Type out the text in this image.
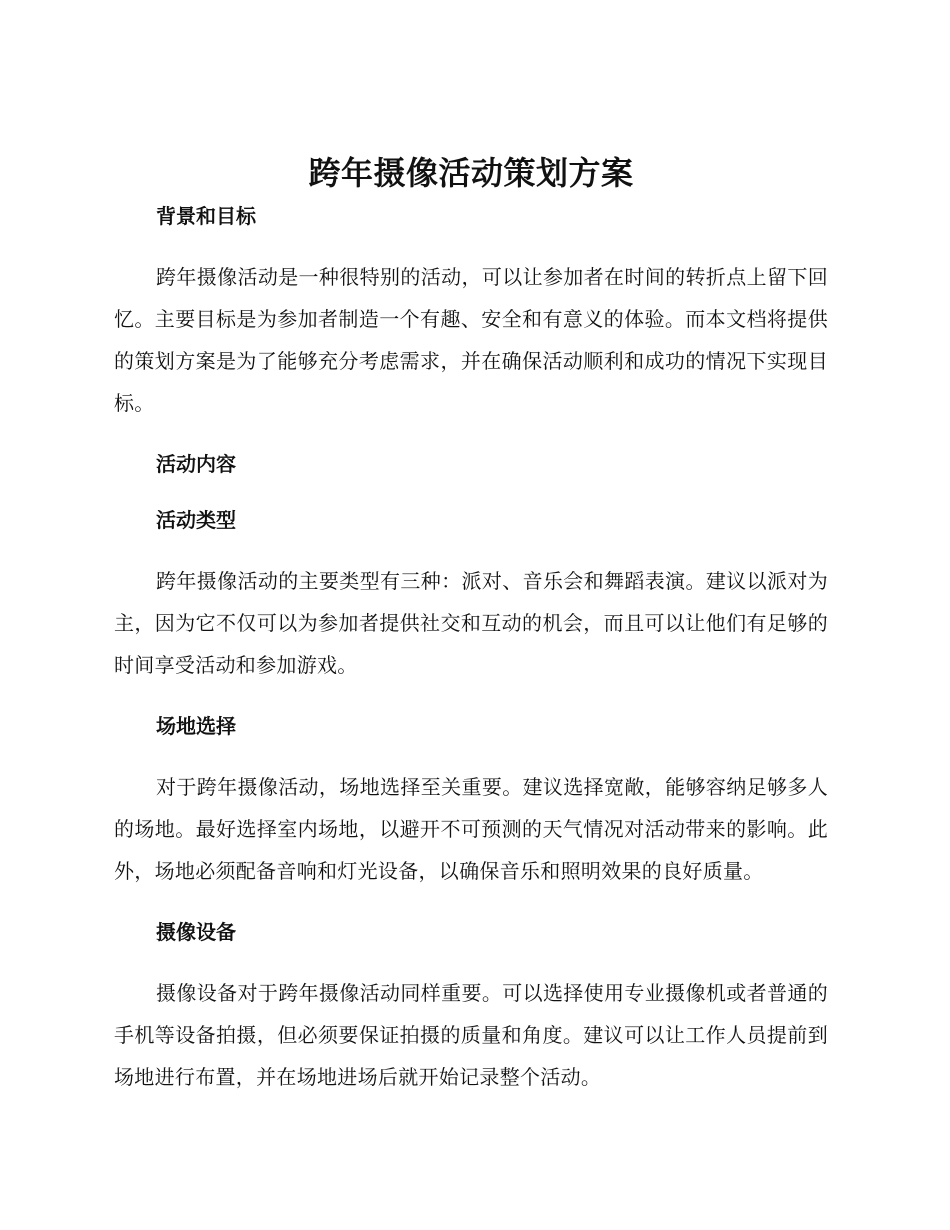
跨年摄像活动策划方案
背景和目标

跨年摄像活动是一种很特别的活动，可以让参加者在时间的转折点上留下回忆。主要目标是为参加者制造一个有趣、安全和有意义的体验。而本文档将提供的策划方案是为了能够充分考虑需求，并在确保活动顺利和成功的情况下实现目标。

活动内容
活动类型

跨年摄像活动的主要类型有三种：派对、音乐会和舞蹈表演。建议以派对为主，因为它不仅可以为参加者提供社交和互动的机会，而且可以让他们有足够的时间享受活动和参加游戏。

场地选择

对于跨年摄像活动，场地选择至关重要。建议选择宽敞，能够容纳足够多人的场地。最好选择室内场地，以避开不可预测的天气情况对活动带来的影响。此外，场地必须配备音响和灯光设备，以确保音乐和照明效果的良好质量。

摄像设备

摄像设备对于跨年摄像活动同样重要。可以选择使用专业摄像机或者普通的手机等设备拍摄，但必须要保证拍摄的质量和角度。建议可以让工作人员提前到场地进行布置，并在场地进场后就开始记录整个活动。
